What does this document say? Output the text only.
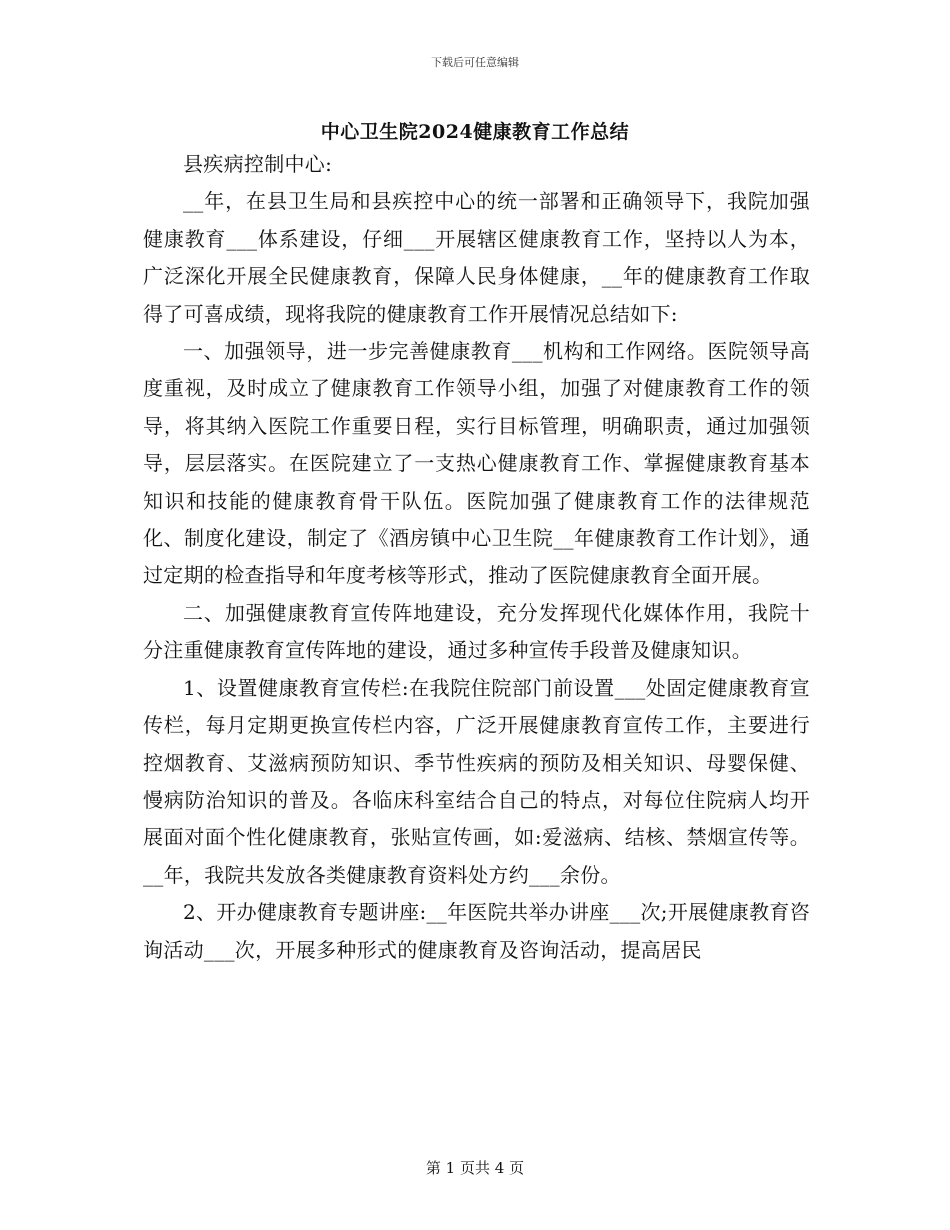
下载后可任意编辑
中心卫生院2024健康教育工作总结

县疾病控制中心:

__年，在县卫生局和县疾控中心的统一部署和正确领导下，我院加强健康教育___体系建设，仔细___开展辖区健康教育工作，坚持以人为本，广泛深化开展全民健康教育，保障人民身体健康，__年的健康教育工作取得了可喜成绩，现将我院的健康教育工作开展情况总结如下:

一、加强领导，进一步完善健康教育___机构和工作网络。医院领导高度重视，及时成立了健康教育工作领导小组，加强了对健康教育工作的领导，将其纳入医院工作重要日程，实行目标管理，明确职责，通过加强领导，层层落实。在医院建立了一支热心健康教育工作、掌握健康教育基本知识和技能的健康教育骨干队伍。医院加强了健康教育工作的法律规范化、制度化建设，制定了《酒房镇中心卫生院__年健康教育工作计划》，通过定期的检查指导和年度考核等形式，推动了医院健康教育全面开展。

二、加强健康教育宣传阵地建设，充分发挥现代化媒体作用，我院十分注重健康教育宣传阵地的建设，通过多种宣传手段普及健康知识。

1、设置健康教育宣传栏:在我院住院部门前设置___处固定健康教育宣传栏，每月定期更换宣传栏内容，广泛开展健康教育宣传工作，主要进行控烟教育、艾滋病预防知识、季节性疾病的预防及相关知识、母婴保健、慢病防治知识的普及。各临床科室结合自己的特点，对每位住院病人均开展面对面个性化健康教育，张贴宣传画，如:爱滋病、结核、禁烟宣传等。__年，我院共发放各类健康教育资料处方约___余份。

2、开办健康教育专题讲座:__年医院共举办讲座___次;开展健康教育咨询活动___次，开展多种形式的健康教育及咨询活动，提高居民

第 1 页共 4 页
